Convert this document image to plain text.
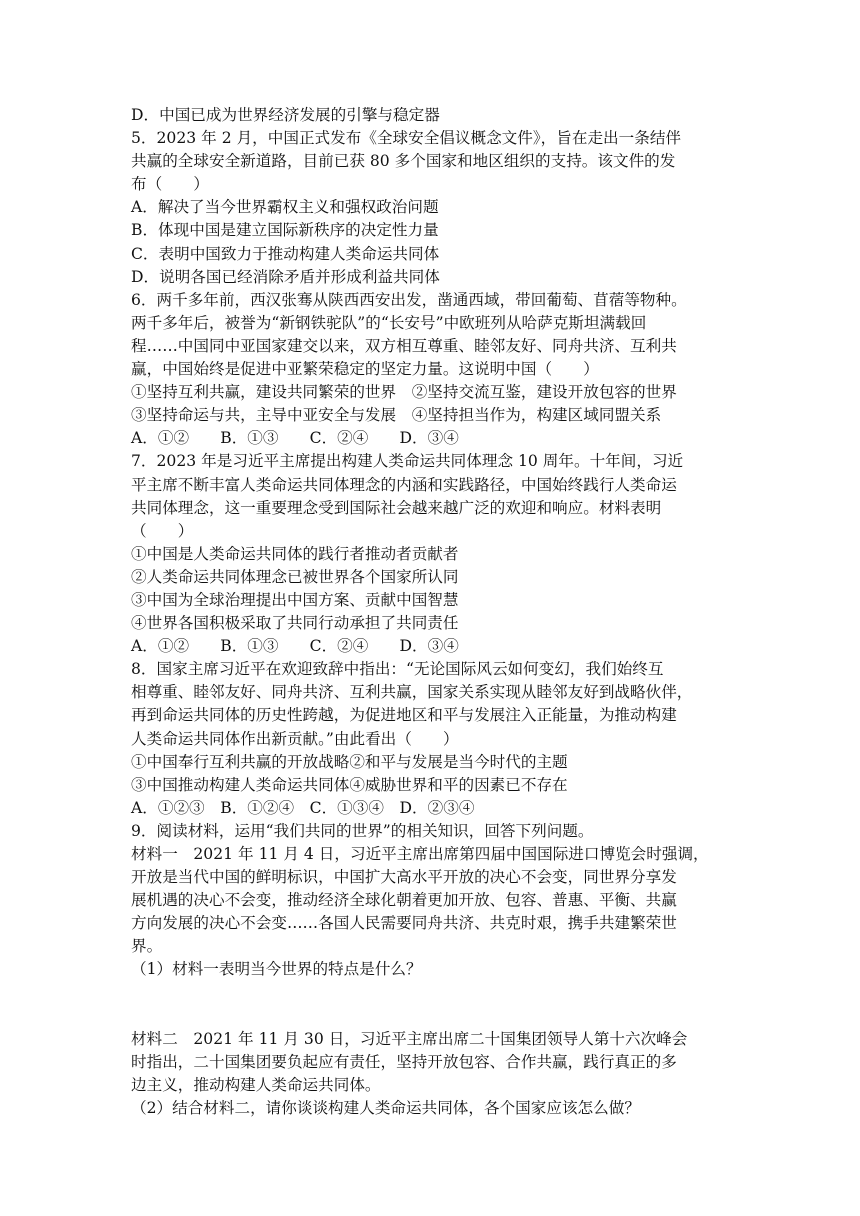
D．中国已成为世界经济发展的引擎与稳定器

5．2023 年 2 月，中国正式发布《全球安全倡议概念文件》，旨在走出一条结伴

共赢的全球安全新道路，目前已获 80 多个国家和地区组织的支持。该文件的发

布（　　）

A．解决了当今世界霸权主义和强权政治问题

B．体现中国是建立国际新秩序的决定性力量

C．表明中国致力于推动构建人类命运共同体

D．说明各国已经消除矛盾并形成利益共同体

6．两千多年前，西汉张骞从陕西西安出发，凿通西域，带回葡萄、苜蓿等物种。

两千多年后，被誉为“新钢铁驼队”的“长安号”中欧班列从哈萨克斯坦满载回

程……中国同中亚国家建交以来，双方相互尊重、睦邻友好、同舟共济、互利共

赢，中国始终是促进中亚繁荣稳定的坚定力量。这说明中国（　　）

①坚持互利共赢，建设共同繁荣的世界　②坚持交流互鉴，建设开放包容的世界

③坚持命运与共，主导中亚安全与发展　④坚持担当作为，构建区域同盟关系

A．①②　　B．①③　　C．②④　　D．③④

7．2023 年是习近平主席提出构建人类命运共同体理念 10 周年。十年间，习近

平主席不断丰富人类命运共同体理念的内涵和实践路径，中国始终践行人类命运

共同体理念，这一重要理念受到国际社会越来越广泛的欢迎和响应。材料表明

（　　）

①中国是人类命运共同体的践行者推动者贡献者

②人类命运共同体理念已被世界各个国家所认同

③中国为全球治理提出中国方案、贡献中国智慧

④世界各国积极采取了共同行动承担了共同责任

A．①②　　B．①③　　C．②④　　D．③④

8．国家主席习近平在欢迎致辞中指出：“无论国际风云如何变幻，我们始终互

相尊重、睦邻友好、同舟共济、互利共赢，国家关系实现从睦邻友好到战略伙伴，

再到命运共同体的历史性跨越，为促进地区和平与发展注入正能量，为推动构建

人类命运共同体作出新贡献。”由此看出（　　）

①中国奉行互利共赢的开放战略②和平与发展是当今时代的主题

③中国推动构建人类命运共同体④威胁世界和平的因素已不存在

A．①②③　B．①②④　C．①③④　D．②③④

9．阅读材料，运用“我们共同的世界”的相关知识，回答下列问题。

材料一　2021 年 11 月 4 日，习近平主席出席第四届中国国际进口博览会时强调，

开放是当代中国的鲜明标识，中国扩大高水平开放的决心不会变，同世界分享发

展机遇的决心不会变，推动经济全球化朝着更加开放、包容、普惠、平衡、共赢

方向发展的决心不会变……各国人民需要同舟共济、共克时艰，携手共建繁荣世

界。

（1）材料一表明当今世界的特点是什么？

材料二　2021 年 11 月 30 日，习近平主席出席二十国集团领导人第十六次峰会

时指出，二十国集团要负起应有责任，坚持开放包容、合作共赢，践行真正的多

边主义，推动构建人类命运共同体。

（2）结合材料二，请你谈谈构建人类命运共同体，各个国家应该怎么做？
